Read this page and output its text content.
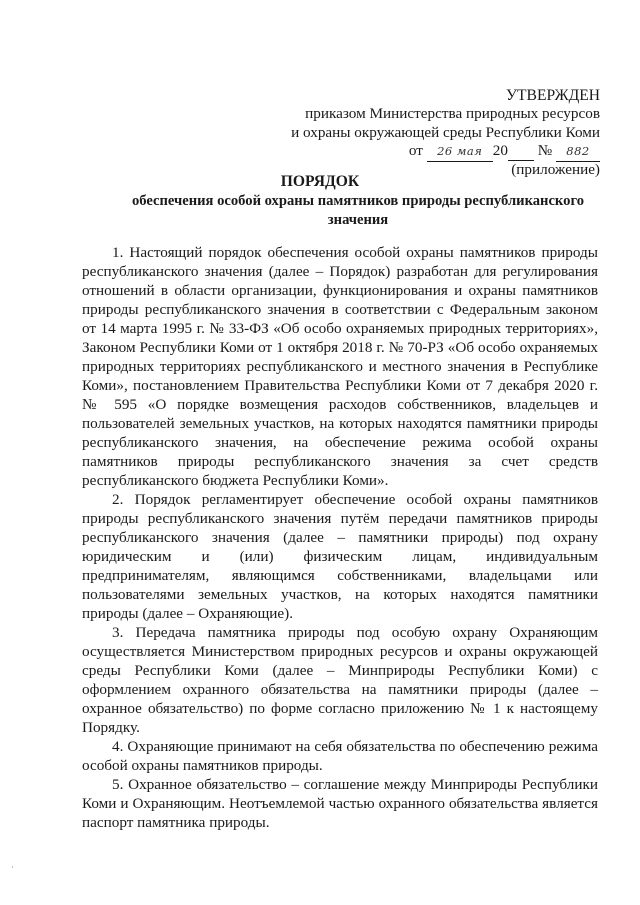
УТВЕРЖДЕН
приказом Министерства природных ресурсов
и охраны окружающей среды Республики Коми
от 26 мая 20 № 882
(приложение)
ПОРЯДОК
обеспечения особой охраны памятников природы республиканского значения

1. Настоящий порядок обеспечения особой охраны памятников природы республиканского значения (далее – Порядок) разработан для регулирования отношений в области организации, функционирования и охраны памятников природы республиканского значения в соответствии с Федеральным законом от 14 марта 1995 г. № 33-ФЗ «Об особо охраняемых природных территориях», Законом Республики Коми от 1 октября 2018 г. № 70-РЗ «Об особо охраняемых природных территориях республиканского и местного значения в Республике Коми», постановлением Правительства Республики Коми от 7 декабря 2020 г. № 595 «О порядке возмещения расходов собственников, владельцев и пользователей земельных участков, на которых находятся памятники природы республиканского значения, на обеспечение режима особой охраны памятников природы республиканского значения за счет средств республиканского бюджета Республики Коми».

2. Порядок регламентирует обеспечение особой охраны памятников природы республиканского значения путём передачи памятников природы республиканского значения (далее – памятники природы) под охрану юридическим и (или) физическим лицам, индивидуальным предпринимателям, являющимся собственниками, владельцами или пользователями земельных участков, на которых находятся памятники природы (далее – Охраняющие).

3. Передача памятника природы под особую охрану Охраняющим осуществляется Министерством природных ресурсов и охраны окружающей среды Республики Коми (далее – Минприроды Республики Коми) с оформлением охранного обязательства на памятники природы (далее – охранное обязательство) по форме согласно приложению № 1 к настоящему Порядку.

4. Охраняющие принимают на себя обязательства по обеспечению режима особой охраны памятников природы.

5. Охранное обязательство – соглашение между Минприроды Республики Коми и Охраняющим. Неотъемлемой частью охранного обязательства является паспорт памятника природы.

·
